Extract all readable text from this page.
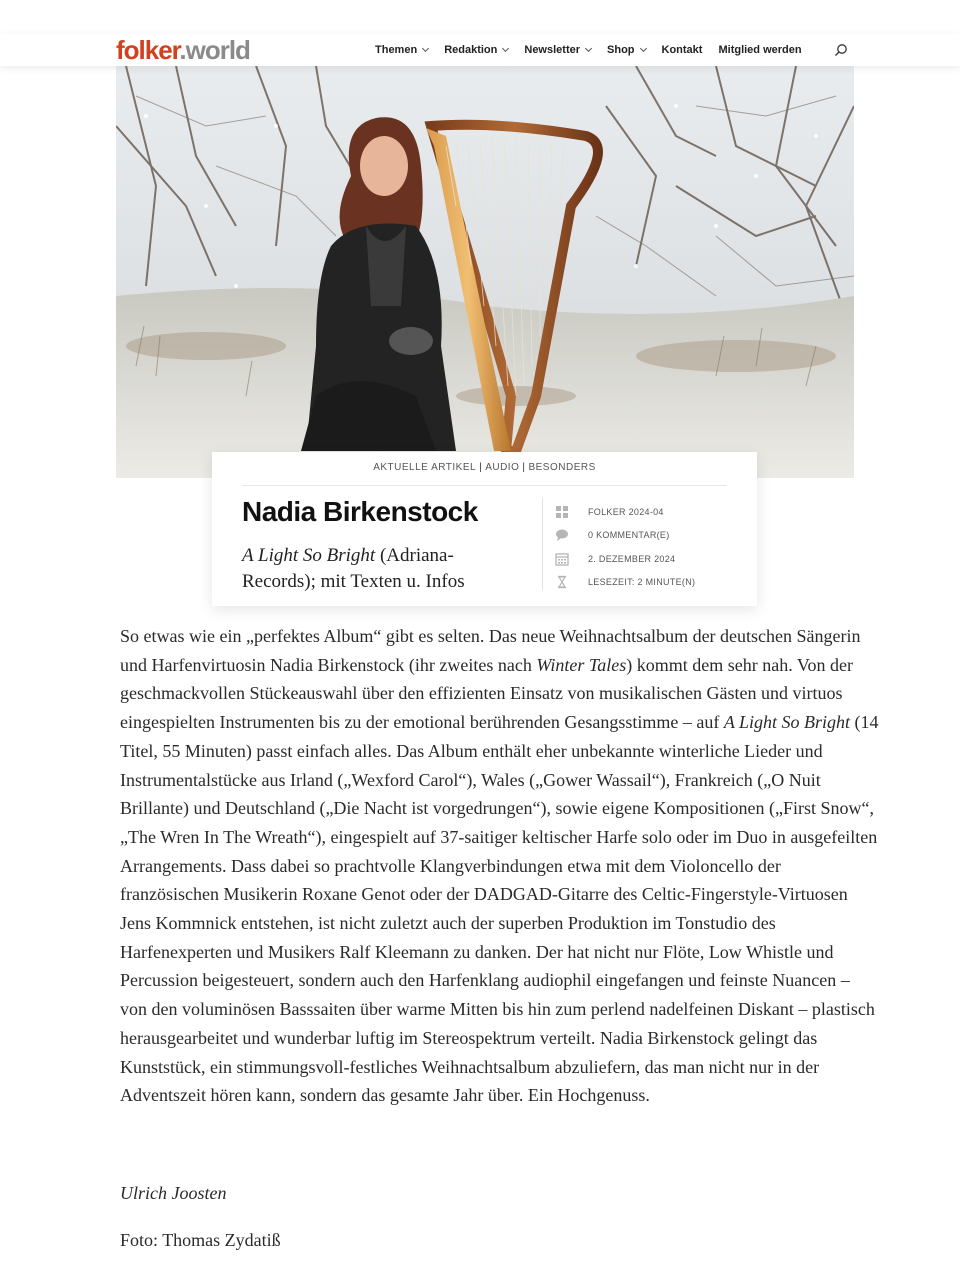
folker.world	Themen Redaktion Newsletter Shop Kontakt Mitglied werden
AKTUELLE ARTIKEL | AUDIO | BESONDERS
Nadia Birkenstock
A Light So Bright (Adriana-Records); mit Texten u. Infos
FOLKER 2024-04
0 KOMMENTAR(E)
2. DEZEMBER 2024
LESEZEIT: 2 MINUTE(N)

So etwas wie ein „perfektes Album“ gibt es selten. Das neue Weihnachtsalbum der deutschen Sängerin und Harfenvirtuosin Nadia Birkenstock (ihr zweites nach Winter Tales) kommt dem sehr nah. Von der geschmackvollen Stückeauswahl über den effizienten Einsatz von musikalischen Gästen und virtuos eingespielten Instrumenten bis zu der emotional berührenden Gesangsstimme – auf A Light So Bright (14 Titel, 55 Minuten) passt einfach alles. Das Album enthält eher unbekannte winterliche Lieder und Instrumentalstücke aus Irland („Wexford Carol“), Wales („Gower Wassail“), Frankreich („O Nuit Brillante) und Deutschland („Die Nacht ist vorgedrungen“), sowie eigene Kompositionen („First Snow“, „The Wren In The Wreath“), eingespielt auf 37-saitiger keltischer Harfe solo oder im Duo in ausgefeilten Arrangements. Dass dabei so prachtvolle Klangverbindungen etwa mit dem Violoncello der französischen Musikerin Roxane Genot oder der DADGAD-Gitarre des Celtic-Fingerstyle-Virtuosen Jens Kommnick entstehen, ist nicht zuletzt auch der superben Produktion im Tonstudio des Harfenexperten und Musikers Ralf Kleemann zu danken. Der hat nicht nur Flöte, Low Whistle und Percussion beigesteuert, sondern auch den Harfenklang audiophil eingefangen und feinste Nuancen – von den voluminösen Basssaiten über warme Mitten bis hin zum perlend nadelfeinen Diskant – plastisch herausgearbeitet und wunderbar luftig im Stereospektrum verteilt. Nadia Birkenstock gelingt das Kunststück, ein stimmungsvoll-festliches Weihnachtsalbum abzuliefern, das man nicht nur in der Adventszeit hören kann, sondern das gesamte Jahr über. Ein Hochgenuss.

Ulrich Joosten
Foto: Thomas Zydatiß
